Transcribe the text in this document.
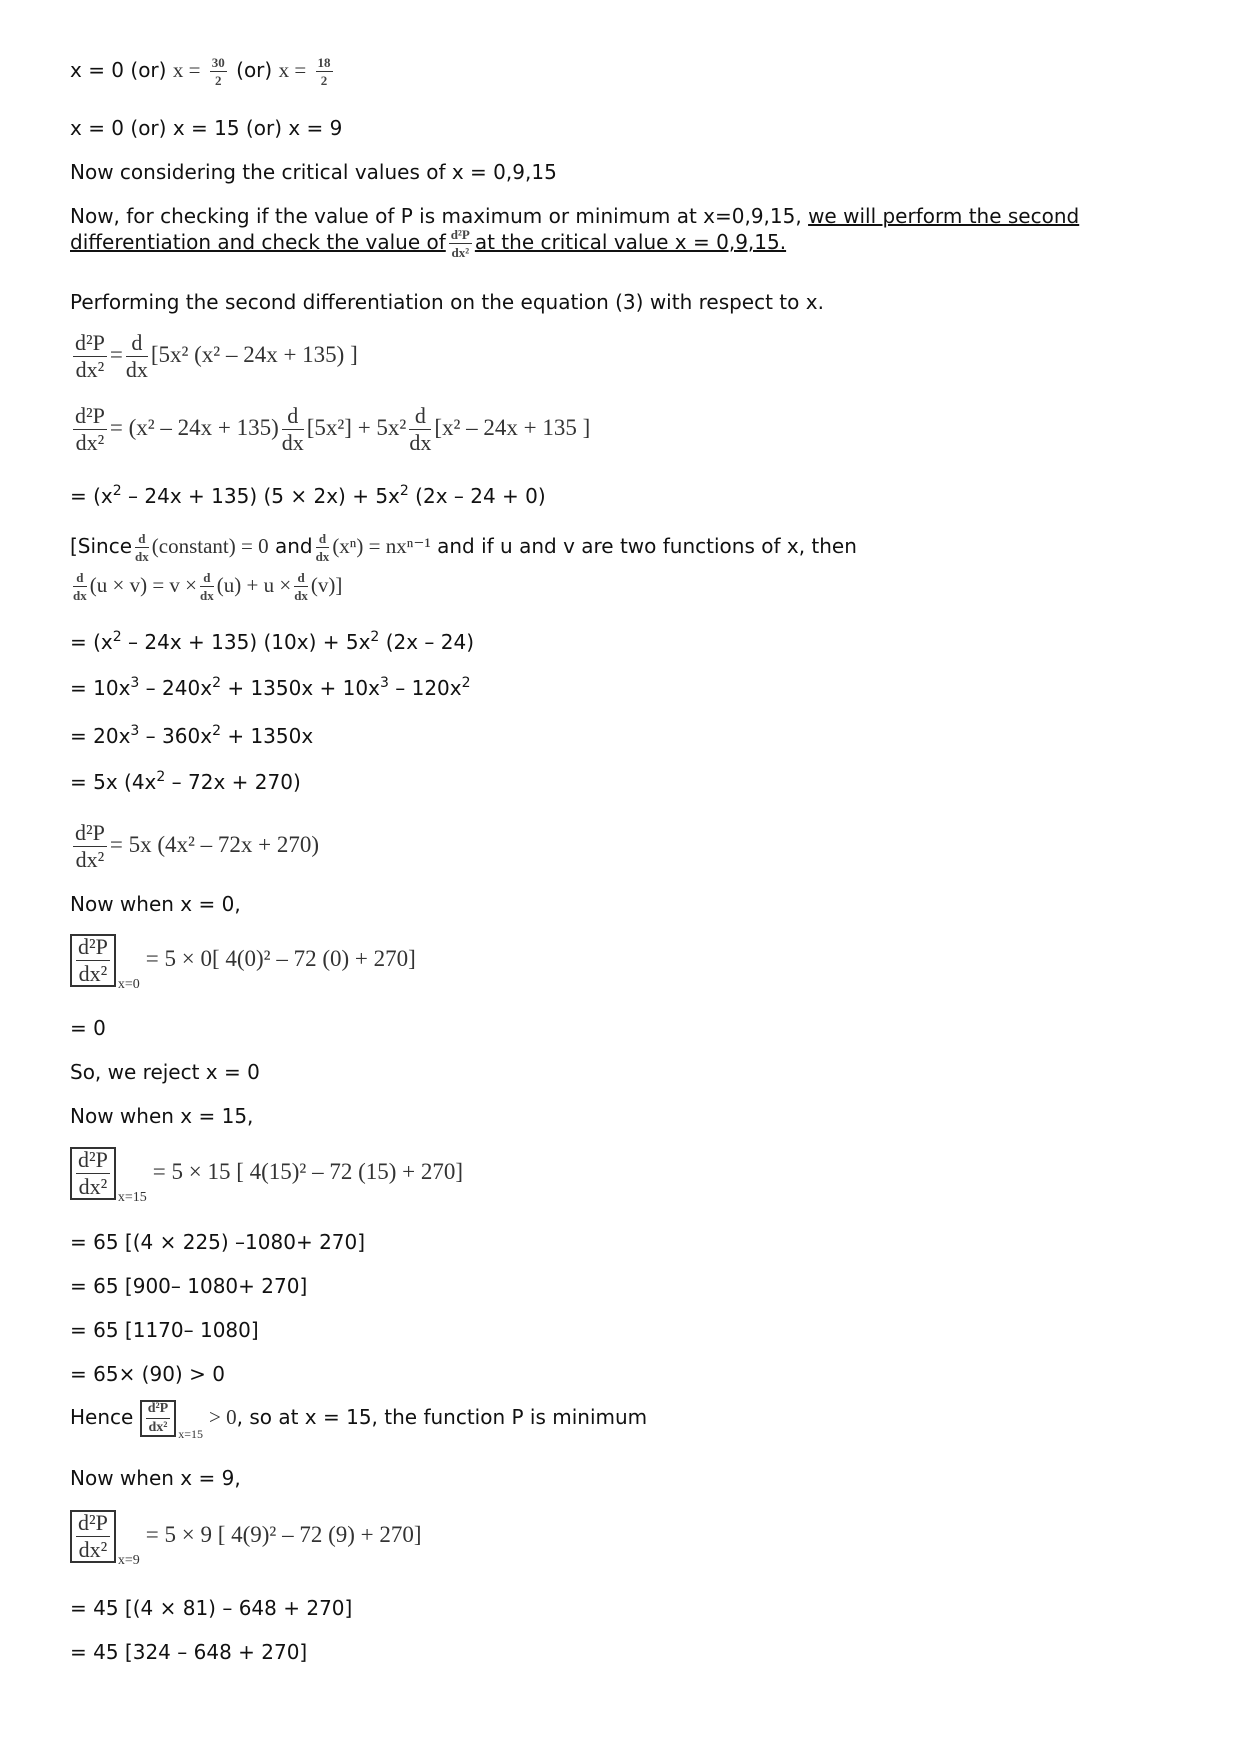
x = 0 (or) $x = \frac{30}{2} (or) x = \frac{18}{2}$
x = 0 (or) x = 15 (or) x = 9
Now considering the critical values of x = 0,9,15
Now, for checking if the value of P is maximum or minimum at x=0,9,15, we will perform the second
differentiation and check the value of $\frac{\text{d²P}}{\text{dx²}}$ at the critical value x = 0,9,15.
Performing the second differentiation on the equation (3) with respect to x.
$\frac{\text{d²P}}{\text{dx²}} = \frac{d}{dx} [5x^2$ (x² – 24x + 135) ]
$\frac{\text{d²P}}{\text{dx²}} = (x^2 - 24x + 135) \frac{d}{dx} [5x^2] + 5x^2 \frac{d}{dx} [x^2 - 24x + 135$ ]
= $(x^2 - 24x + 135) (5 \times 2x) + 5x^2$ (2x – 24 + 0)
[Since $\frac{d}{dx}$ (constant) = 0 and $\frac{d}{dx} (x^n) = nx^{n-1}$ and if u and v are two functions of x, then
$\frac{d}{dx} (u \times v) = v \times \frac{d}{dx} (u) + u \times \frac{d}{dx} (v)$]
= $(x^2 - 24x + 135) (10x) + 5x^2$ (2x – 24)
= $10x^3 - 240x^2 + 1350x + 10x^3 - 120x^2$
= $20x^3 - 360x^2 + 1350x$
= 5x $(4x^2 - 72x + 270)$
$\frac{\text{d²P}}{\text{dx²}} = 5x$ (4x² – 72x + 270)
Now when x = 0,
$\frac{\text{d²P}}{\text{dx²}} _{x=0}= 5 \times 0$[ 4(0)² – 72 (0) + 270]
= 0
So, we reject x = 0
Now when x = 15,
$\frac{\text{d²P}}{\text{dx²}} _{x=15}= 5 \times 15$ [ 4(15)² – 72 (15) + 270]
= 65 [(4 × 225) –1080+ 270]
= 65 [900– 1080+ 270]
= 65 [1170– 1080]
= 65× (90) > 0
Hence $\frac{\text{d²P}}{\text{dx²}} _{x=15}> 0$, so at x = 15, the function P is minimum
Now when x = 9,
$\frac{\text{d²P}}{\text{dx²}} _{x=9}= 5 \times 9$ [ 4(9)² – 72 (9) + 270]
= 45 [(4 × 81) – 648 + 270]
= 45 [324 – 648 + 270]
